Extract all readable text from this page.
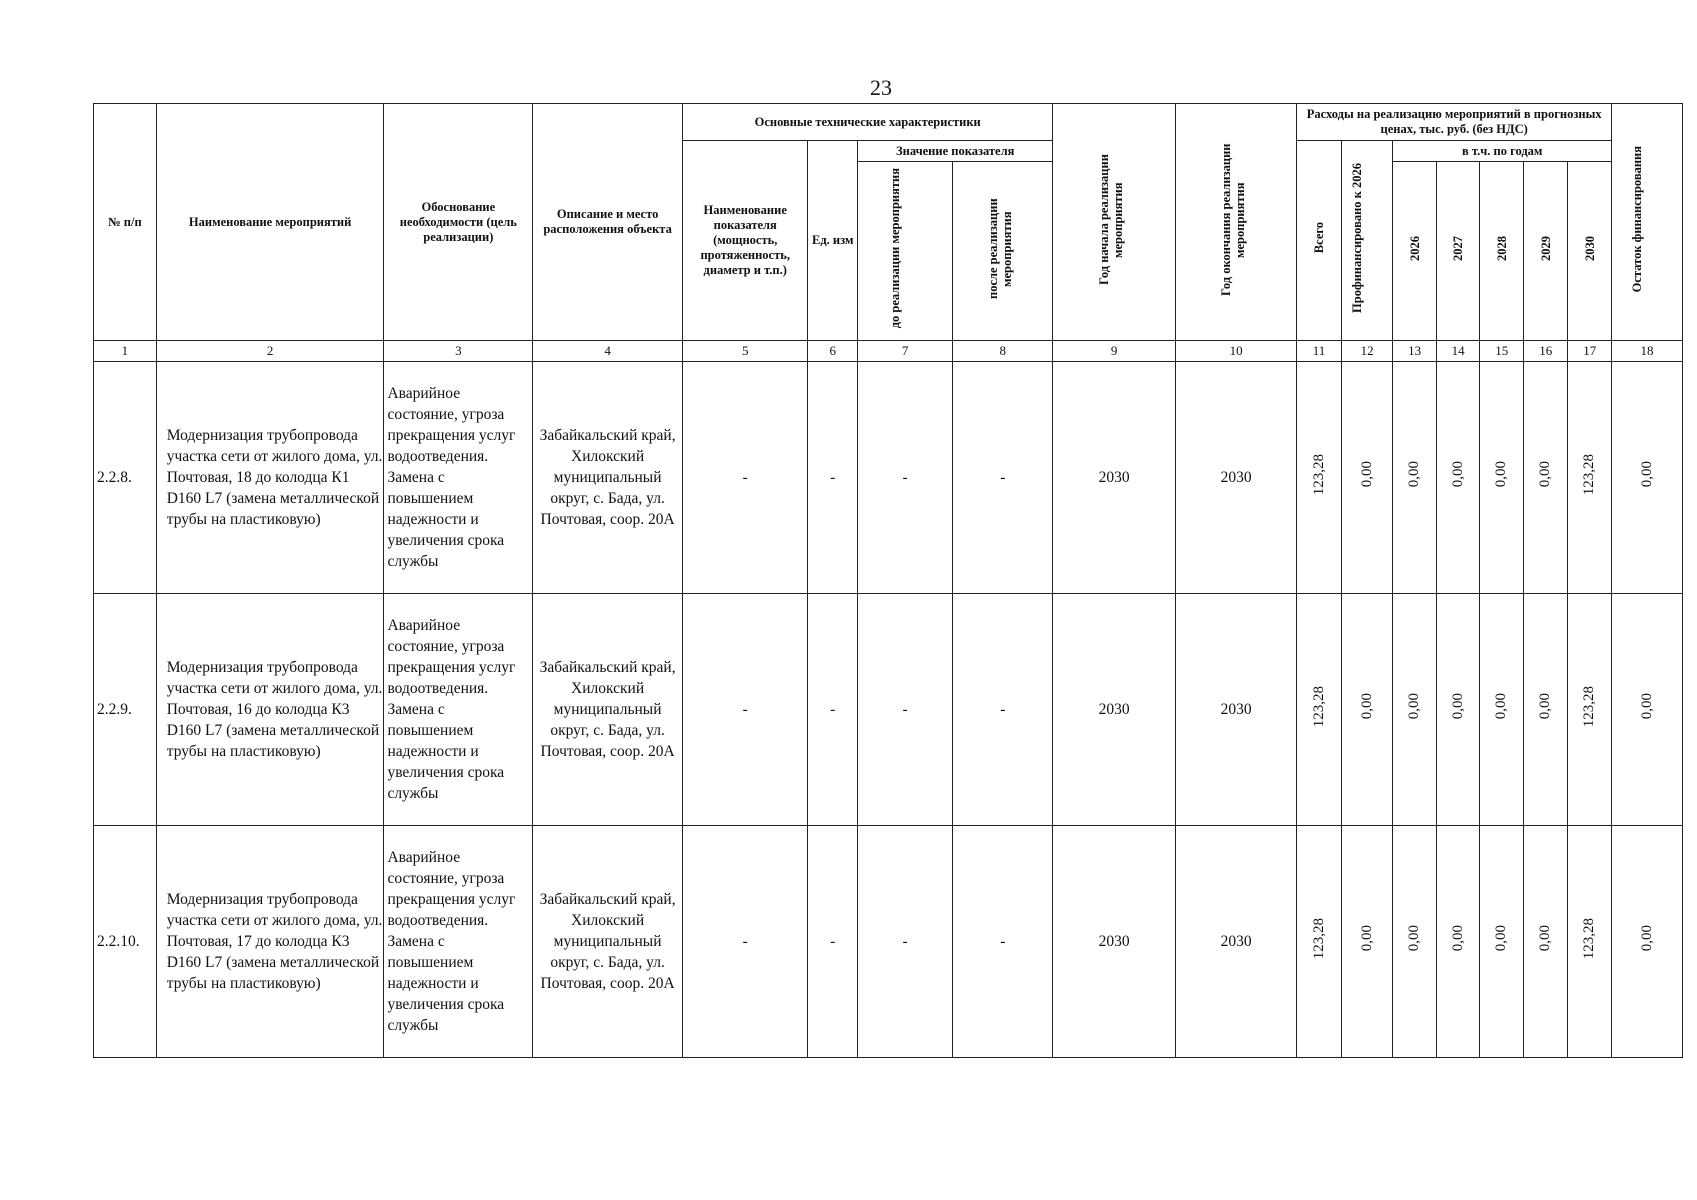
23
№ п/п	Наименование мероприятий	Обоснование необходимости (цель реализации)	Описание и место расположения объекта	Основные технические характеристики				Год начала реализации мероприятия	Год окончания реализации мероприятия	Расходы на реализацию мероприятий в прогнозных ценах, тыс. руб. (без НДС)							Остаток финансирования
				Наименование показателя (мощность, протяженность, диаметр и т.п.)	Ед. изм	Значение показателя				Всего	Профинансировано к 2026	в т.ч. по годам					
						до реализации мероприятия	после реализации мероприятия					2026	2027	2028	2029	2030	
1	2	3	4	5	6	7	8	9	10	11	12	13	14	15	16	17	18
2.2.8.	Модернизация трубопровода участка сети от жилого дома, ул. Почтовая, 18 до колодца К1 D160 L7 (замена металлической трубы на пластиковую)	Аварийное состояние, угроза прекращения услуг водоотведения. Замена с повышением надежности и увеличения срока службы	Забайкальский край, Хилокский муниципальный округ, с. Бада, ул. Почтовая, соор. 20А	-	-	-	-	2030	2030	123,28	0,00	0,00	0,00	0,00	0,00	123,28	0,00
2.2.9.	Модернизация трубопровода участка сети от жилого дома, ул. Почтовая, 16 до колодца К3 D160 L7 (замена металлической трубы на пластиковую)	Аварийное состояние, угроза прекращения услуг водоотведения. Замена с повышением надежности и увеличения срока службы	Забайкальский край, Хилокский муниципальный округ, с. Бада, ул. Почтовая, соор. 20А	-	-	-	-	2030	2030	123,28	0,00	0,00	0,00	0,00	0,00	123,28	0,00
2.2.10.	Модернизация трубопровода участка сети от жилого дома, ул. Почтовая, 17 до колодца К3 D160 L7 (замена металлической трубы на пластиковую)	Аварийное состояние, угроза прекращения услуг водоотведения. Замена с повышением надежности и увеличения срока службы	Забайкальский край, Хилокский муниципальный округ, с. Бада, ул. Почтовая, соор. 20А	-	-	-	-	2030	2030	123,28	0,00	0,00	0,00	0,00	0,00	123,28	0,00
